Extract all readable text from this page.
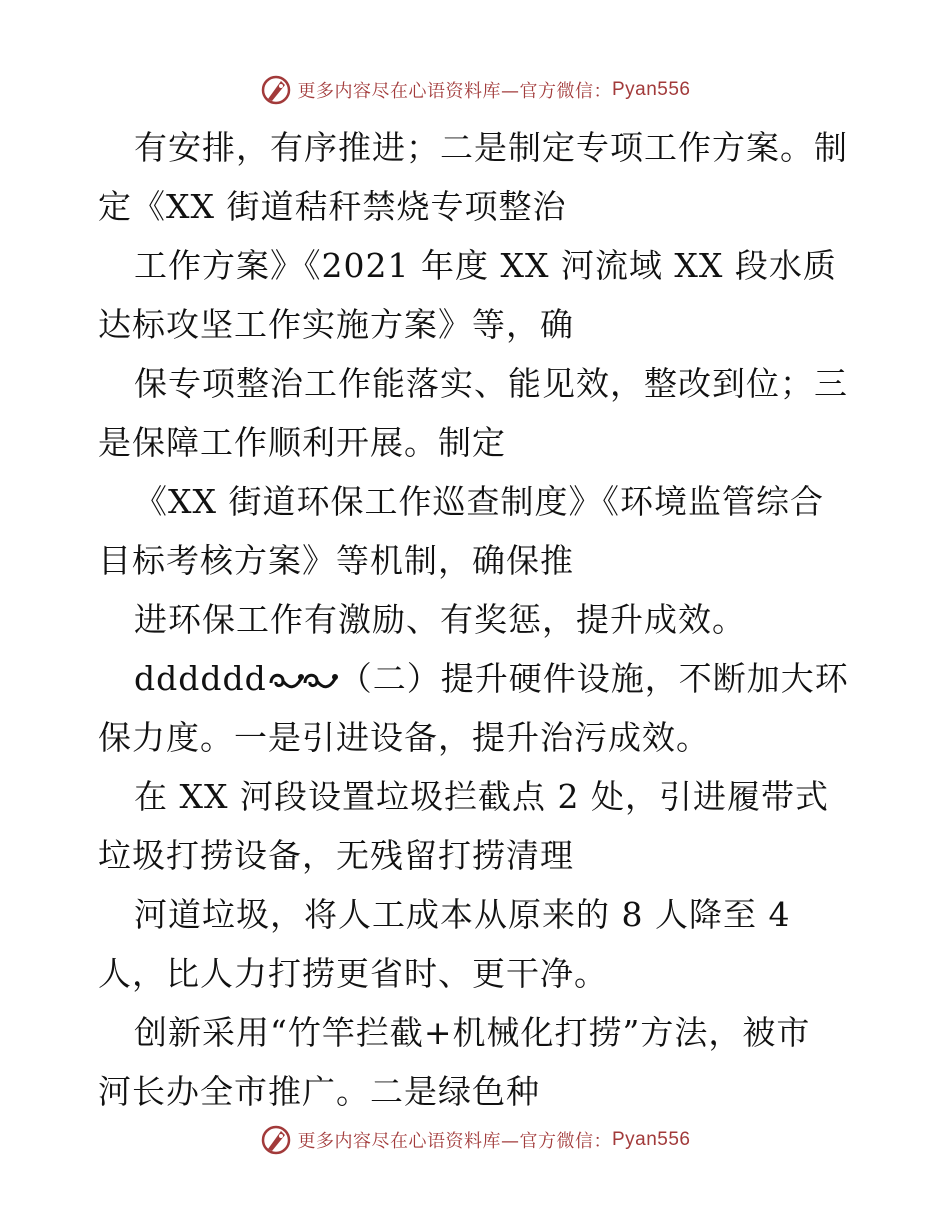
更多内容尽在心语资料库—官方微信： Pyan556
有安排，有序推进；二是制定专项工作方案。制
定《XX 街道秸秆禁烧专项整治
工作方案》《2021 年度 XX 河流域 XX 段水质
达标攻坚工作实施方案》等，确
保专项整治工作能落实、能见效，整改到位；三
是保障工作顺利开展。制定
《XX 街道环保工作巡查制度》《环境监管综合
目标考核方案》等机制，确保推
进环保工作有激励、有奖惩，提升成效。
dddddd （二）提升硬件设施，不断加大环
保力度。一是引进设备，提升治污成效。
在 XX 河段设置垃圾拦截点 2 处，引进履带式
垃圾打捞设备，无残留打捞清理
河道垃圾，将人工成本从原来的 8 人降至 4
人，比人力打捞更省时、更干净。
创新采用“竹竿拦截+机械化打捞”方法，被市
河长办全市推广。二是绿色种
更多内容尽在心语资料库—官方微信： Pyan556
